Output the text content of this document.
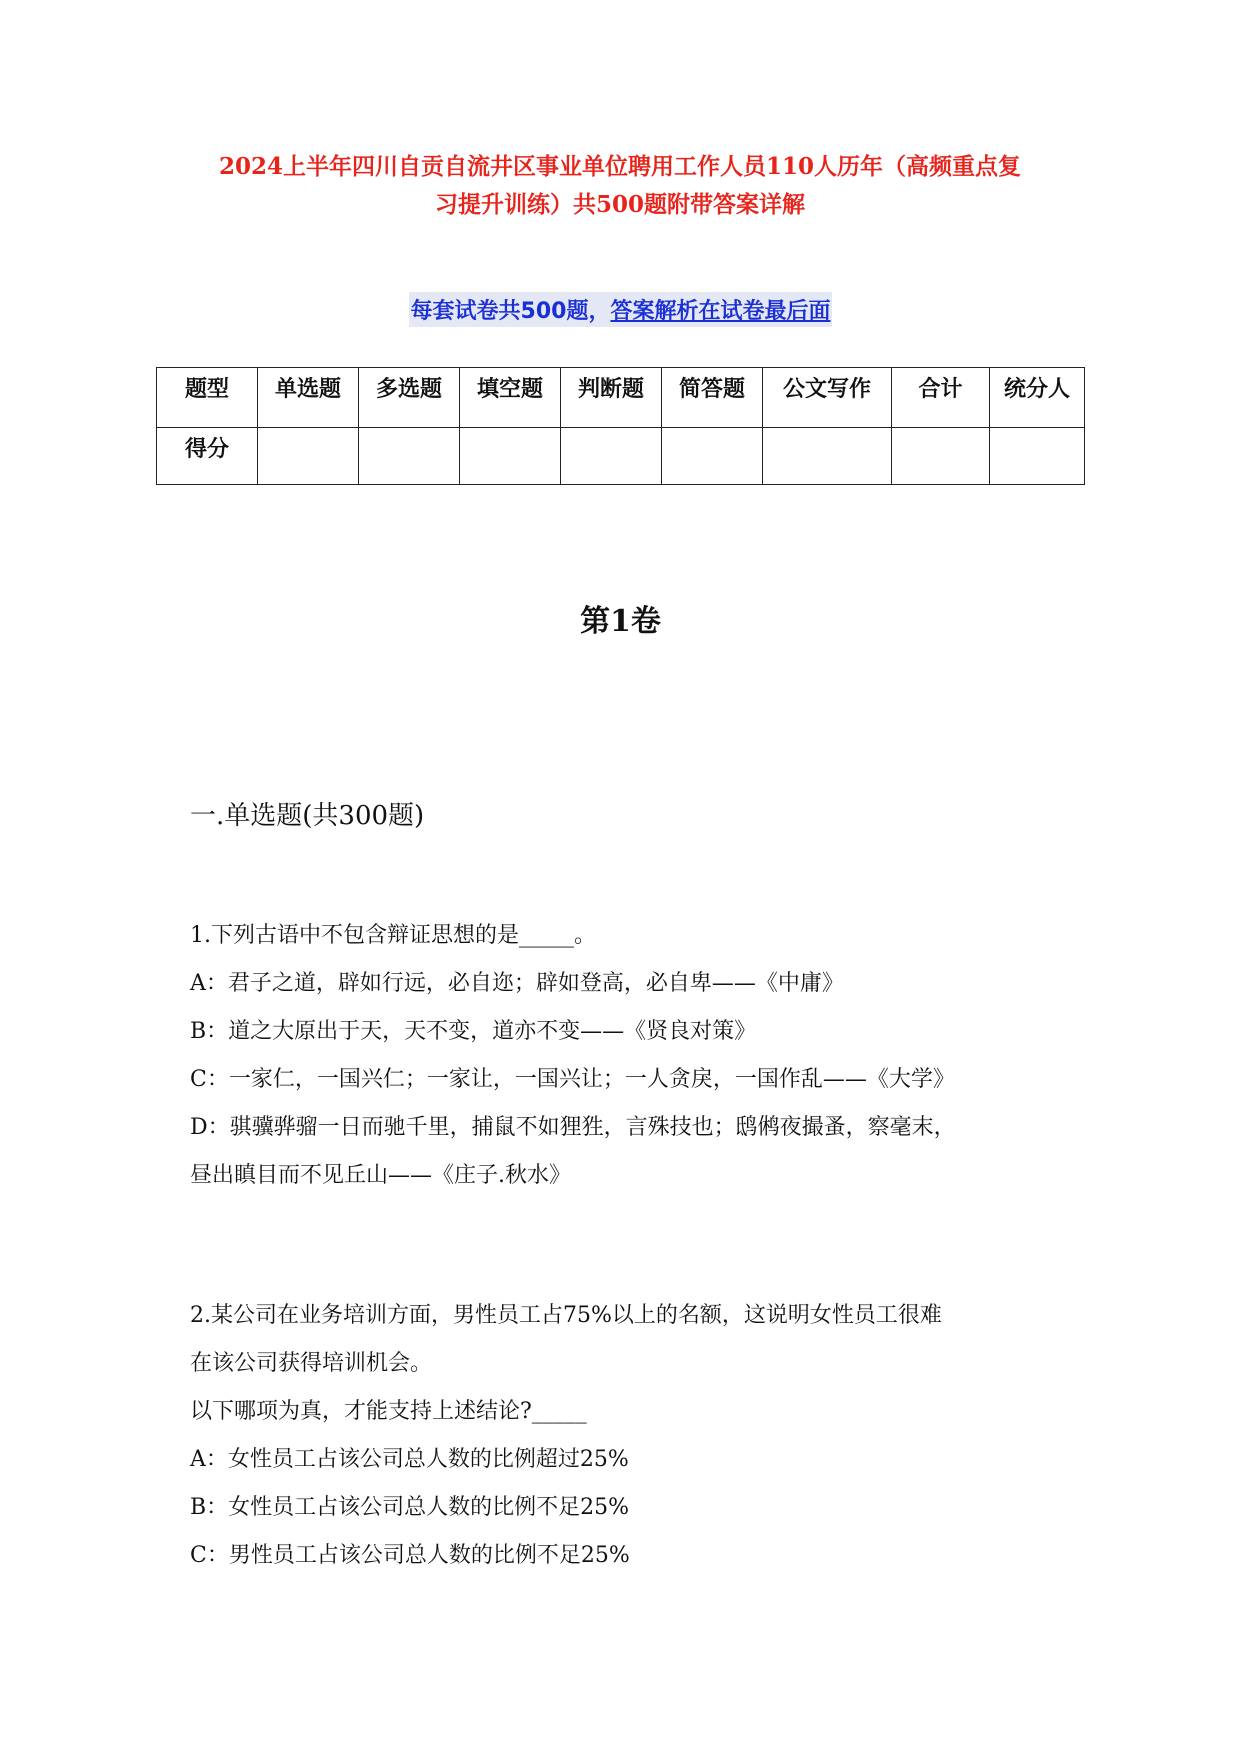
2024上半年四川自贡自流井区事业单位聘用工作人员110人历年（高频重点复
习提升训练）共500题附带答案详解
每套试卷共500题，答案解析在试卷最后面
题型	单选题	多选题	填空题	判断题	简答题	公文写作	合计	统分人
得分								
第1卷
一.单选题(共300题)

1.下列古语中不包含辩证思想的是_____。

A：君子之道，辟如行远，必自迩；辟如登高，必自卑——《中庸》

B：道之大原出于天，天不变，道亦不变——《贤良对策》

C：一家仁，一国兴仁；一家让，一国兴让；一人贪戾，一国作乱——《大学》

D：骐骥骅骝一日而驰千里，捕鼠不如狸狌，言殊技也；鸱鸺夜撮蚤，察毫末，

昼出瞋目而不见丘山——《庄子.秋水》

2.某公司在业务培训方面，男性员工占75%以上的名额，这说明女性员工很难

在该公司获得培训机会。

以下哪项为真，才能支持上述结论?_____

A：女性员工占该公司总人数的比例超过25%

B：女性员工占该公司总人数的比例不足25%

C：男性员工占该公司总人数的比例不足25%
